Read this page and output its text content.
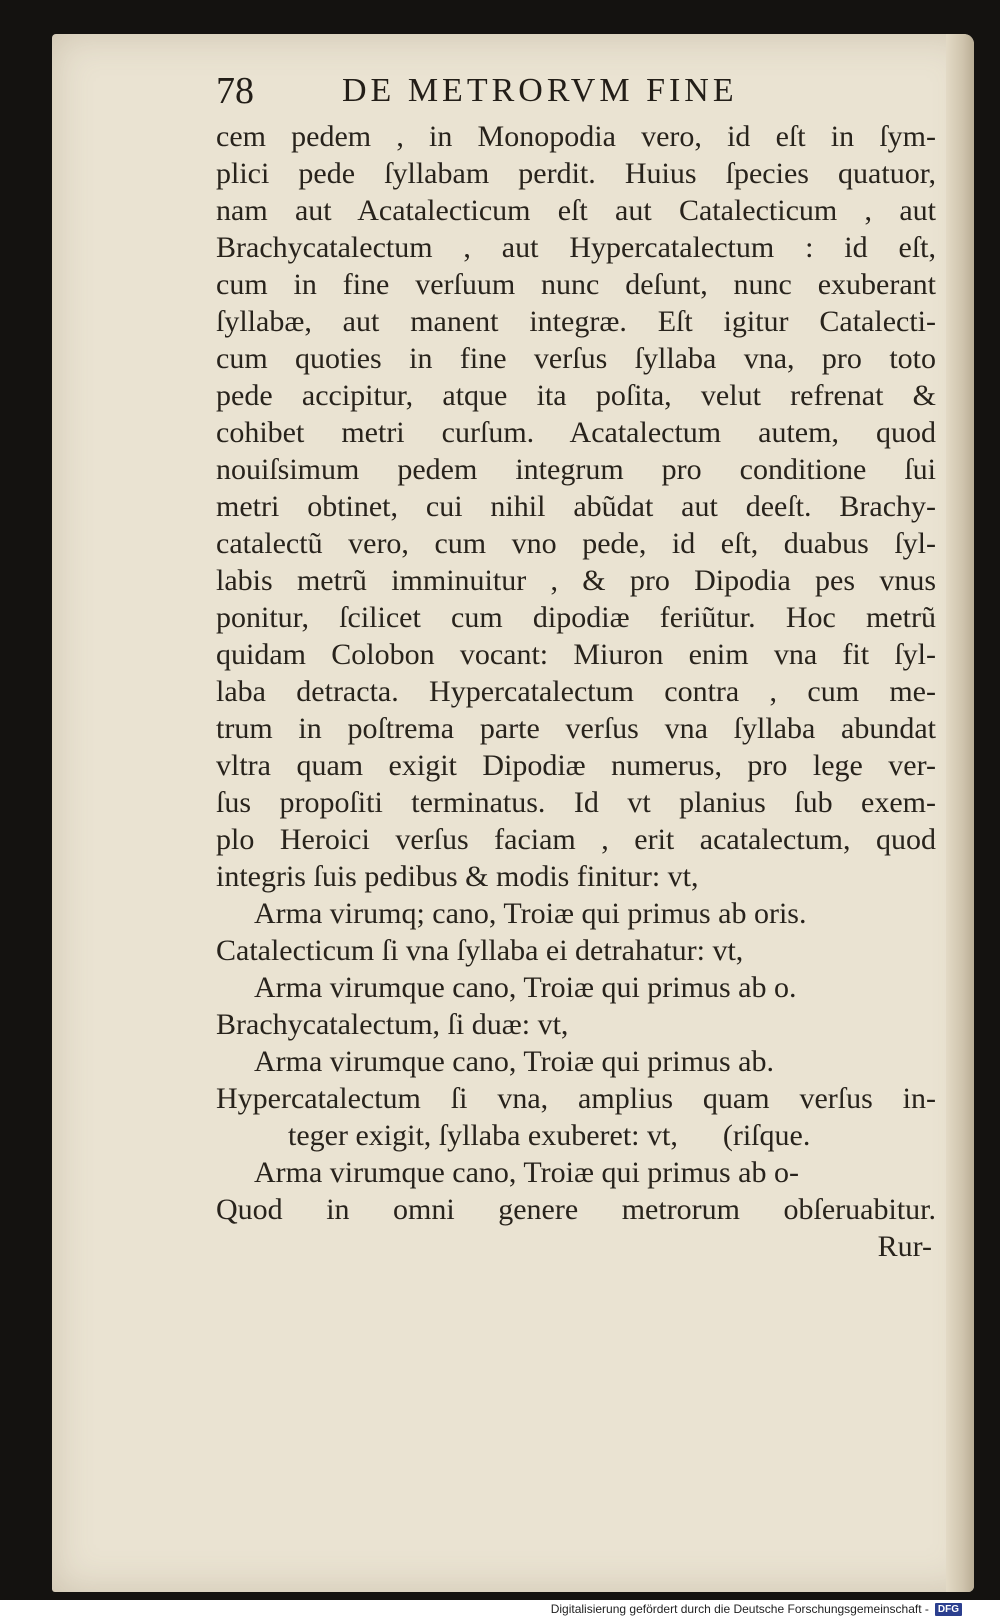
78	DE METRORVM FINE
cem pedem , in Monopodia vero, id eſt in ſym-
plici pede ſyllabam perdit. Huius ſpecies quatuor,
nam aut Acatalecticum eſt aut Catalecticum , aut
Brachycatalectum , aut Hypercatalectum : id eſt,
cum in fine verſuum nunc deſunt, nunc exuberant
ſyllabæ, aut manent integræ. Eſt igitur Catalecti-
cum quoties in fine verſus ſyllaba vna, pro toto
pede accipitur, atque ita poſita, velut refrenat &
cohibet metri curſum. Acatalectum autem, quod
nouiſsimum pedem integrum pro conditione ſui
metri obtinet, cui nihil abũdat aut deeſt. Brachy-
catalectũ vero, cum vno pede, id eſt, duabus ſyl-
labis metrũ imminuitur , & pro Dipodia pes vnus
ponitur, ſcilicet cum dipodiæ feriũtur. Hoc metrũ
quidam Colobon vocant: Miuron enim vna fit ſyl-
laba detracta. Hypercatalectum contra , cum me-
trum in poſtrema parte verſus vna ſyllaba abundat
vltra quam exigit Dipodiæ numerus, pro lege ver-
ſus propoſiti terminatus. Id vt planius ſub exem-
plo Heroici verſus faciam , erit acatalectum, quod
integris ſuis pedibus & modis finitur: vt,
Arma virumq; cano, Troiæ qui primus ab oris.
Catalecticum ſi vna ſyllaba ei detrahatur: vt,
Arma virumque cano, Troiæ qui primus ab o.
Brachycatalectum, ſi duæ: vt,
Arma virumque cano, Troiæ qui primus ab.
Hypercatalectum ſi vna, amplius quam verſus in-
teger exigit, ſyllaba exuberet: vt,      (riſque.
Arma virumque cano, Troiæ qui primus ab o-
Quod in omni genere metrorum obſeruabitur.
Rur-
Digitalisierung gefördert durch die Deutsche Forschungsgemeinschaft - DFG
